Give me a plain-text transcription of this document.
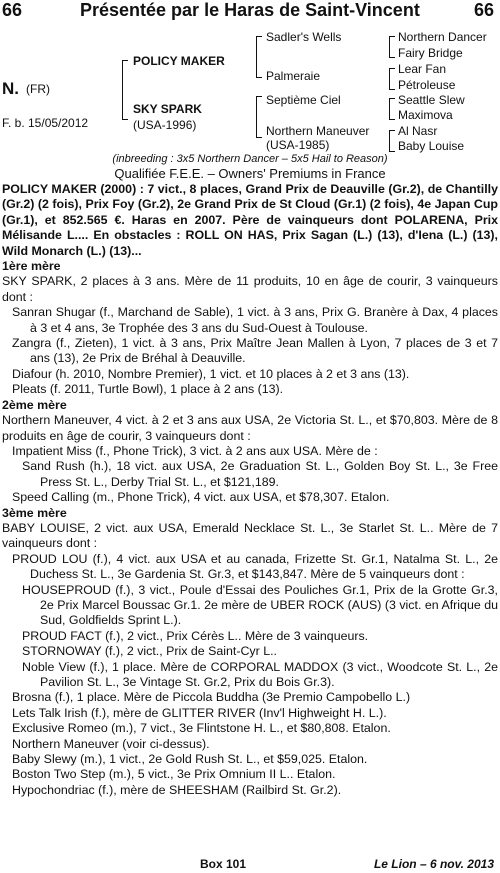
66	Présentée par le Haras de Saint-Vincent	66
N. (FR)
F. b. 15/05/2012
POLICY MAKER
SKY SPARK
(USA-1996)
Sadler's Wells
Palmeraie
Septième Ciel
Northern Maneuver
(USA-1985)
Northern Dancer
Fairy Bridge
Lear Fan
Pétroleuse
Seattle Slew
Maximova
Al Nasr
Baby Louise
(inbreeding : 3x5 Northern Dancer – 5x5 Hail to Reason)
Qualifiée F.E.E. – Owners' Premiums in France

POLICY MAKER (2000) : 7 vict., 8 places, Grand Prix de Deauville (Gr.2), de Chantilly (Gr.2) (2 fois), Prix Foy (Gr.2), 2e Grand Prix de St Cloud (Gr.1) (2 fois), 4e Japan Cup (Gr.1), et 852.565 €. Haras en 2007. Père de vainqueurs dont POLARENA, Prix Mélisande L.... En obstacles : ROLL ON HAS, Prix Sagan (L.) (13), d'Iena (L.) (13), Wild Monarch (L.) (13)...

1ère mère

SKY SPARK, 2 places à 3 ans. Mère de 11 produits, 10 en âge de courir, 3 vainqueurs dont :

Sanran Shugar (f., Marchand de Sable), 1 vict. à 3 ans, Prix G. Branère à Dax, 4 places à 3 et 4 ans, 3e Trophée des 3 ans du Sud-Ouest à Toulouse.

Zangra (f., Zieten), 1 vict. à 3 ans, Prix Maître Jean Mallen à Lyon, 7 places de 3 et 7 ans (13), 2e Prix de Bréhal à Deauville.

Diafour (h. 2010, Nombre Premier), 1 vict. et 10 places à 2 et 3 ans (13).

Pleats (f. 2011, Turtle Bowl), 1 place à 2 ans (13).

2ème mère

Northern Maneuver, 4 vict. à 2 et 3 ans aux USA, 2e Victoria St. L., et $70,803. Mère de 8 produits en âge de courir, 3 vainqueurs dont :

Impatient Miss (f., Phone Trick), 3 vict. à 2 ans aux USA. Mère de :

Sand Rush (h.), 18 vict. aux USA, 2e Graduation St. L., Golden Boy St. L., 3e Free Press St. L., Derby Trial St. L., et $121,189.

Speed Calling (m., Phone Trick), 4 vict. aux USA, et $78,307. Etalon.

3ème mère

BABY LOUISE, 2 vict. aux USA, Emerald Necklace St. L., 3e Starlet St. L.. Mère de 7 vainqueurs dont :

PROUD LOU (f.), 4 vict. aux USA et au canada, Frizette St. Gr.1, Natalma St. L., 2e Duchess St. L., 3e Gardenia St. Gr.3, et $143,847. Mère de 5 vainqueurs dont :

HOUSEPROUD (f.), 3 vict., Poule d'Essai des Pouliches Gr.1, Prix de la Grotte Gr.3, 2e Prix Marcel Boussac Gr.1. 2e mère de UBER ROCK (AUS) (3 vict. en Afrique du Sud, Goldfields Sprint L.).

PROUD FACT (f.), 2 vict., Prix Cérès L.. Mère de 3 vainqueurs.

STORNOWAY (f.), 2 vict., Prix de Saint-Cyr L..

Noble View (f.), 1 place. Mère de CORPORAL MADDOX (3 vict., Woodcote St. L., 2e Pavilion St. L., 3e Vintage St. Gr.2, Prix du Bois Gr.3).

Brosna (f.), 1 place. Mère de Piccola Buddha (3e Premio Campobello L.)

Lets Talk Irish (f.), mère de GLITTER RIVER (Inv'l Highweight H. L.).

Exclusive Romeo (m.), 7 vict., 3e Flintstone H. L., et $80,808. Etalon.

Northern Maneuver (voir ci-dessus).

Baby Slewy (m.), 1 vict., 2e Gold Rush St. L., et $59,025. Etalon.

Boston Two Step (m.), 5 vict., 3e Prix Omnium II L.. Etalon.

Hypochondriac (f.), mère de SHEESHAM (Railbird St. Gr.2).

Box 101	Le Lion – 6 nov. 2013
